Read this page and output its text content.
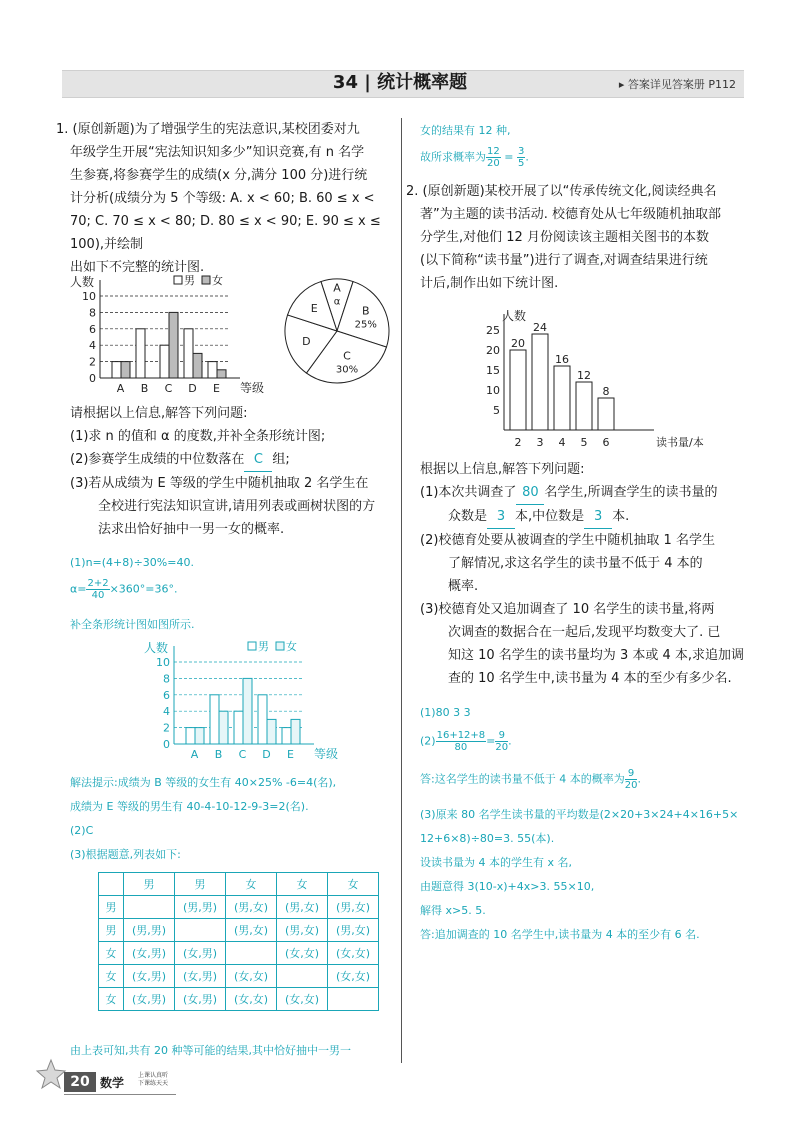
34 | 统计概率题	▸ 答案详见答案册 P112
1. (原创新题)为了增强学生的宪法意识,某校团委对九
年级学生开展“宪法知识知多少”知识竞赛,有 n 名学
生参赛,将参赛学生的成绩(x 分,满分 100 分)进行统
计分析(成绩分为 5 个等级: A. x < 60; B. 60 ≤ x <
70; C. 70 ≤ x < 80; D. 80 ≤ x < 90; E. 90 ≤ x ≤ 100),并绘制
出如下不完整的统计图.
0
2
4
6
8
10
人数
等级
A B C D E
男 女
A
α
B
25%
C
30%
D
E
请根据以上信息,解答下列问题:
(1)求 n 的值和 α 的度数,并补全条形统计图;
(2)参赛学生成绩的中位数落在 C 组;
(3)若从成绩为 E 等级的学生中随机抽取 2 名学生在
全校进行宪法知识宣讲,请用列表或画树状图的方
法求出恰好抽中一男一女的概率.
(1)n=(4+8)÷30%=40.
$\alpha= \frac{2+2}{40} \times 360^\circ=36^\circ$.
补全条形统计图如图所示.
0
2
4
6
8
10
人数
等级
A B C D E
男 女
解法提示:成绩为 B 等级的女生有 40×25% -6=4(名),
成绩为 E 等级的男生有 40-4-10-12-9-3=2(名).
(2)C
(3)根据题意,列表如下:
	男	男	女	女	女
男		(男,男)	(男,女)	(男,女)	(男,女)
男	(男,男)		(男,女)	(男,女)	(男,女)
女	(女,男)	(女,男)		(女,女)	(女,女)
女	(女,男)	(女,男)	(女,女)		(女,女)
女	(女,男)	(女,男)	(女,女)	(女,女)	
由上表可知,共有 20 种等可能的结果,其中恰好抽中一男一
女的结果有 12 种,
故所求概率为 $\frac{12}{20} = \frac{3}{5}$ .
2. (原创新题)某校开展了以“传承传统文化,阅读经典名
著”为主题的读书活动. 校德育处从七年级随机抽取部
分学生,对他们 12 月份阅读该主题相关图书的本数
(以下简称“读书量”)进行了调查,对调查结果进行统
计后,制作出如下统计图.
人数
读书量/本
5
10
15
20
25
20
2
24
3
16
4
12
5
8
6
根据以上信息,解答下列问题:
(1)本次共调查了 80 名学生,所调查学生的读书量的
众数是 3 本,中位数是 3 本.
(2)校德育处要从被调查的学生中随机抽取 1 名学生
了解情况,求这名学生的读书量不低于 4 本的
概率.
(3)校德育处又追加调查了 10 名学生的读书量,将两
次调查的数据合在一起后,发现平均数变大了. 已
知这 10 名学生的读书量均为 3 本或 4 本,求追加调
查的 10 名学生中,读书量为 4 本的至少有多少名.
(1)80 3 3
$(2) \frac{16+12+8}{80} = \frac{9}{20}$ .
答:这名学生的读书量不低于 4 本的概率为 $\frac{9}{20}$ .
(3)原来 80 名学生读书量的平均数是(2×20+3×24+4×16+5×
12+6×8)÷80=3. 55(本).
设读书量为 4 本的学生有 x 名,
由题意得 3(10-x)+4x>3. 55×10,
解得 x>5. 5.
答:追加调查的 10 名学生中,读书量为 4 本的至少有 6 名.
20 数学
上课认真听
下课练天天
